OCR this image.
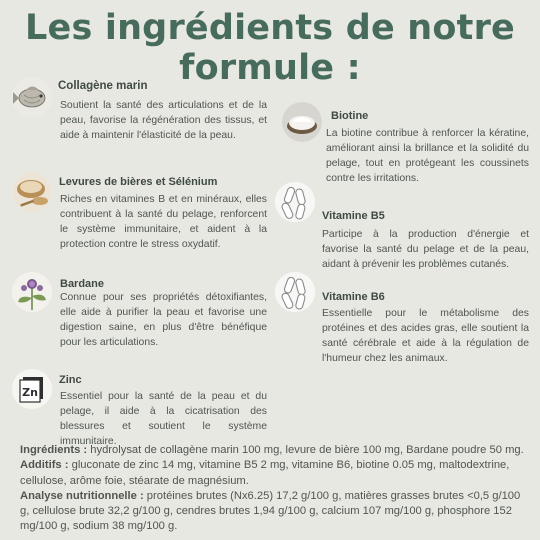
Les ingrédients de notre
formule :
Collagène marin
Soutient la santé des articulations et de la peau, favorise la régénération des tissus, et aide à maintenir l'élasticité de la peau.
Levures de bières et Sélénium
Riches en vitamines B et en minéraux, elles contribuent à la santé du pelage, renforcent le système immunitaire, et aident à la protection contre le stress oxydatif.
Bardane
Connue pour ses propriétés détoxifiantes, elle aide à purifier la peau et favorise une digestion saine, en plus d'être bénéfique pour les articulations.
Zn
Zinc
Essentiel pour la santé de la peau et du pelage, il aide à la cicatrisation des blessures et soutient le système immunitaire.
Biotine
La biotine contribue à renforcer la kératine, améliorant ainsi la brillance et la solidité du pelage, tout en protégeant les coussinets contre les irritations.
Vitamine B5
Participe à la production d'énergie et favorise la santé du pelage et de la peau, aidant à prévenir les problèmes cutanés.
Vitamine B6
Essentielle pour le métabolisme des protéines et des acides gras, elle soutient la santé cérébrale et aide à la régulation de l'humeur chez les animaux.
Ingrédients : hydrolysat de collagène marin 100 mg, levure de bière 100 mg, Bardane poudre 50 mg. Additifs : gluconate de zinc 14 mg, vitamine B5 2 mg, vitamine B6, biotine 0.05 mg, maltodextrine, cellulose, arôme foie, stéarate de magnésium.
Analyse nutritionnelle : protéines brutes (Nx6.25) 17,2 g/100 g, matières grasses brutes <0,5 g/100 g, cellulose brute 32,2 g/100 g, cendres brutes 1,94 g/100 g, calcium 107 mg/100 g, phosphore 152 mg/100 g, sodium 38 mg/100 g.
